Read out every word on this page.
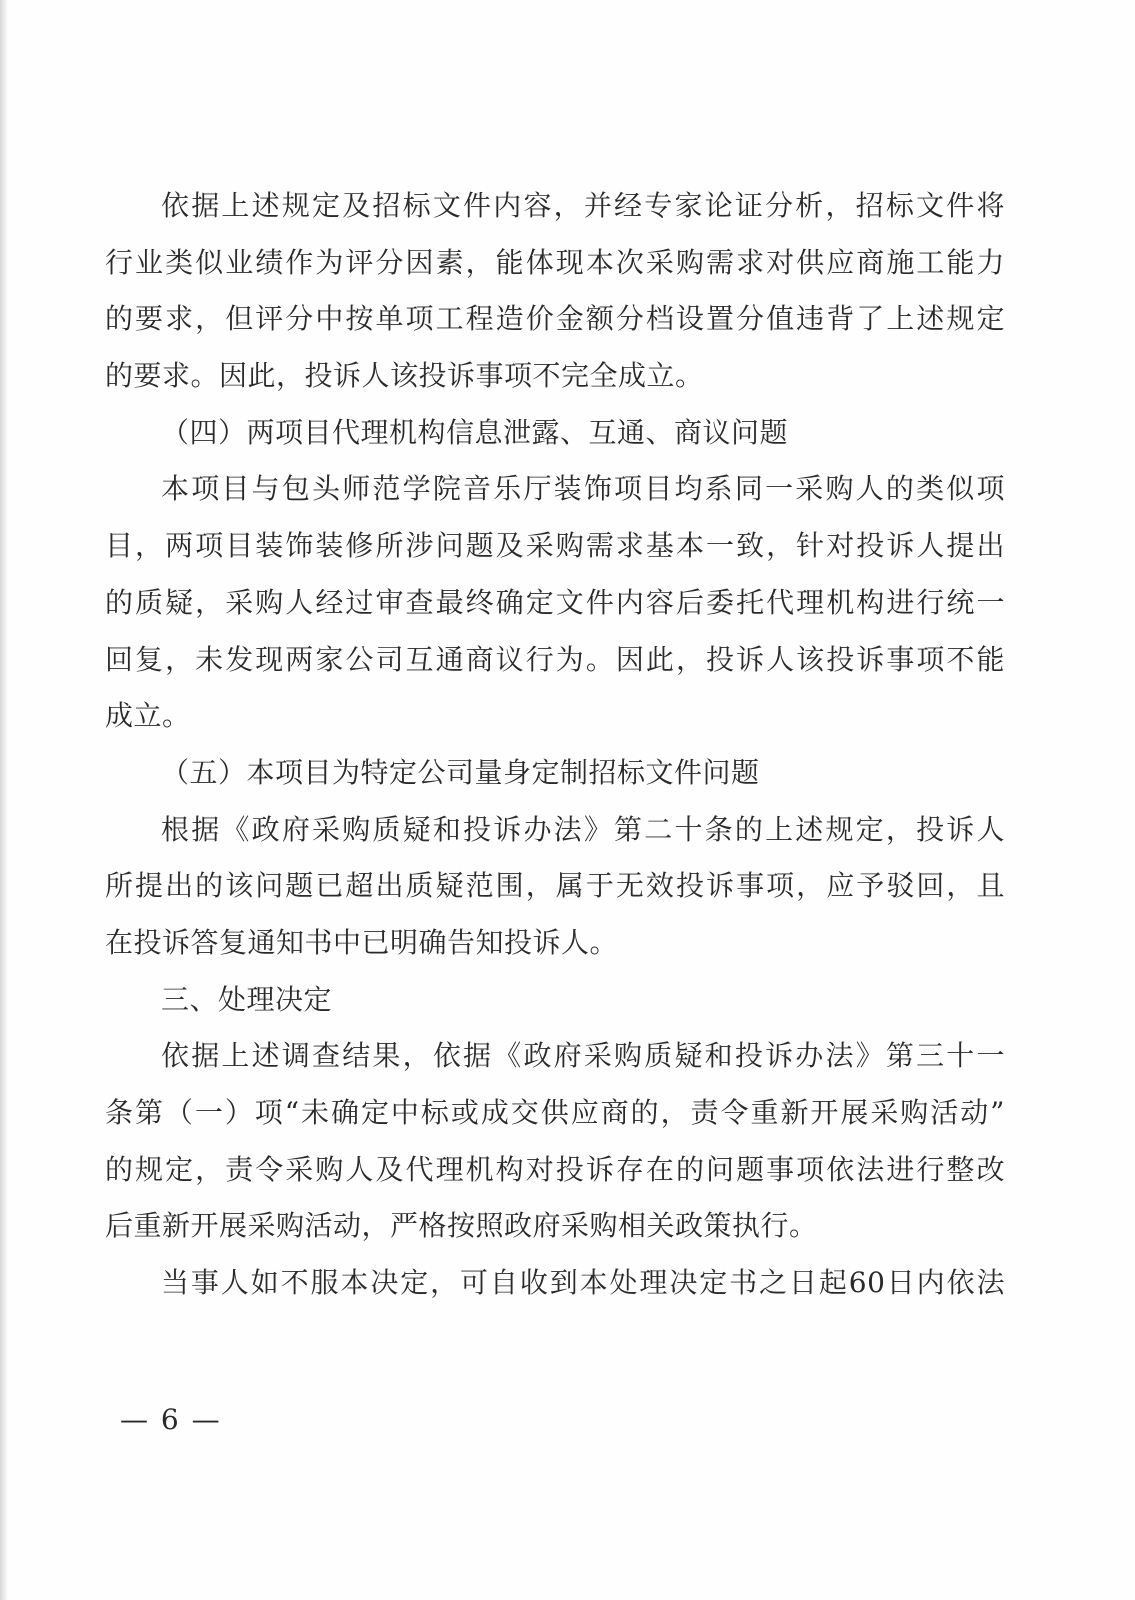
依据上述规定及招标文件内容，并经专家论证分析，招标文件将
行业类似业绩作为评分因素，能体现本次采购需求对供应商施工能力
的要求，但评分中按单项工程造价金额分档设置分值违背了上述规定
的要求。因此，投诉人该投诉事项不完全成立。
（四）两项目代理机构信息泄露、互通、商议问题
本项目与包头师范学院音乐厅装饰项目均系同一采购人的类似项
目，两项目装饰装修所涉问题及采购需求基本一致，针对投诉人提出
的质疑，采购人经过审查最终确定文件内容后委托代理机构进行统一
回复，未发现两家公司互通商议行为。因此，投诉人该投诉事项不能
成立。
（五）本项目为特定公司量身定制招标文件问题
根据《政府采购质疑和投诉办法》第二十条的上述规定，投诉人
所提出的该问题已超出质疑范围，属于无效投诉事项，应予驳回，且
在投诉答复通知书中已明确告知投诉人。
三、处理决定
依据上述调查结果，依据《政府采购质疑和投诉办法》第三十一
条第（一）项“未确定中标或成交供应商的，责令重新开展采购活动”
的规定，责令采购人及代理机构对投诉存在的问题事项依法进行整改
后重新开展采购活动，严格按照政府采购相关政策执行。
当事人如不服本决定，可自收到本处理决定书之日起60日内依法
— 6 —
